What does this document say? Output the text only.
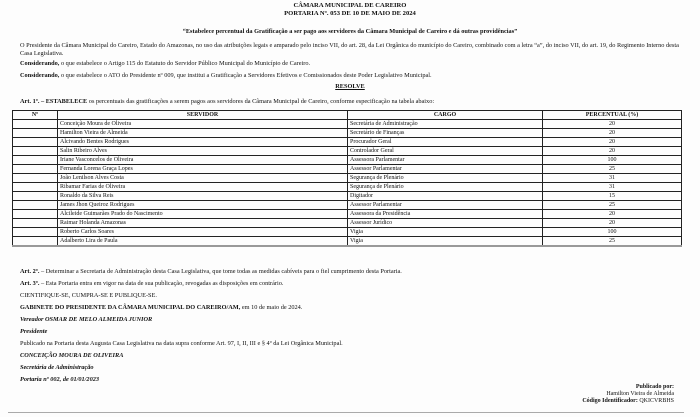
CÂMARA MUNICIPAL DE CAREIRO
PORTARIA Nº. 053 DE 10 DE MAIO DE 2024
“Estabelece percentual da Gratificação a ser pago aos servidores da Câmara Municipal de Careiro e dá outras providências”
O Presidente da Câmara Municipal do Careiro, Estado do Amazonas, no uso das atribuições legais e amparado pelo inciso VII, do art. 28, da Lei Orgânica do município do Careiro, combinado com a letra “a”, do inciso VII, do art. 19, do Regimento Interno desta Casa Legislativa.
Considerando, o que estabelece o Artigo 115 do Estatuto do Servidor Público Municipal do Município de Careiro.
Considerando, o que estabelece o ATO do Presidente nº 009, que institui a Gratificação a Servidores Efetivos e Comissionados deste Poder Legislativo Municipal.
RESOLVE
Art. 1º. – ESTABELECE os percentuais das gratificações a serem pagos aos servidores da Câmara Municipal de Careiro, conforme especificação na tabela abaixo:
Nº	SERVIDOR	CARGO	PERCENTUAL (%)
	Conceição Moura de Oliveira	Secretária de Administração	20
	Hamilton Vieira de Almeida	Secretário de Finanças	20
	Alcivando Bentes Rodrigues	Procurador Geral	20
	Salin Ribeiro Alves	Controlador Geral	20
	Iriane Vasconcelos de Oliveira	Assessora Parlamentar	100
	Fernanda Lorena Graça Lopes	Assessor Parlamentar	25
	João Lenilson Alves Costa	Segurança de Plenário	31
	Ribamar Farias de Oliveira	Segurança de Plenário	31
	Ronaldo da Silva Reis	Digitador	15
	James Jhon Queiroz Rodrigues	Assessor Parlamentar	25
	Alcileide Guimarães Prado do Nascimento	Assessora da Presidência	20
	Raimar Holanda Amazonas	Assessor Jurídico	20
	Roberto Carlos Soares	Vigia	100
	Adalberto Lira de Paula	Vigia	25
Art. 2º. – Determinar a Secretaria de Administração desta Casa Legislativa, que tome todas as medidas cabíveis para o fiel cumprimento desta Portaria.
Art. 3º. – Esta Portaria entra em vigor na data de sua publicação, revogadas as disposições em contrário.
CIENTIFIQUE-SE, CUMPRA-SE E PUBLIQUE-SE.
GABINETE DO PRESIDENTE DA CÂMARA MUNICIPAL DO CAREIRO/AM, em 10 de maio de 2024.
Vereador OSMAR DE MELO ALMEIDA JUNIOR
Presidente
Publicado na Portaria desta Augusta Casa Legislativa na data supra conforme Art. 97, I, II, III e § 4º da Lei Orgânica Municipal.
CONCEIÇÃO MOURA DE OLIVEIRA
Secretária de Administração
Portaria nº 002, de 01/01/2023
Publicado por:
Hamilton Vieira de Almeida
Código Identificador: QKICVRBHS
